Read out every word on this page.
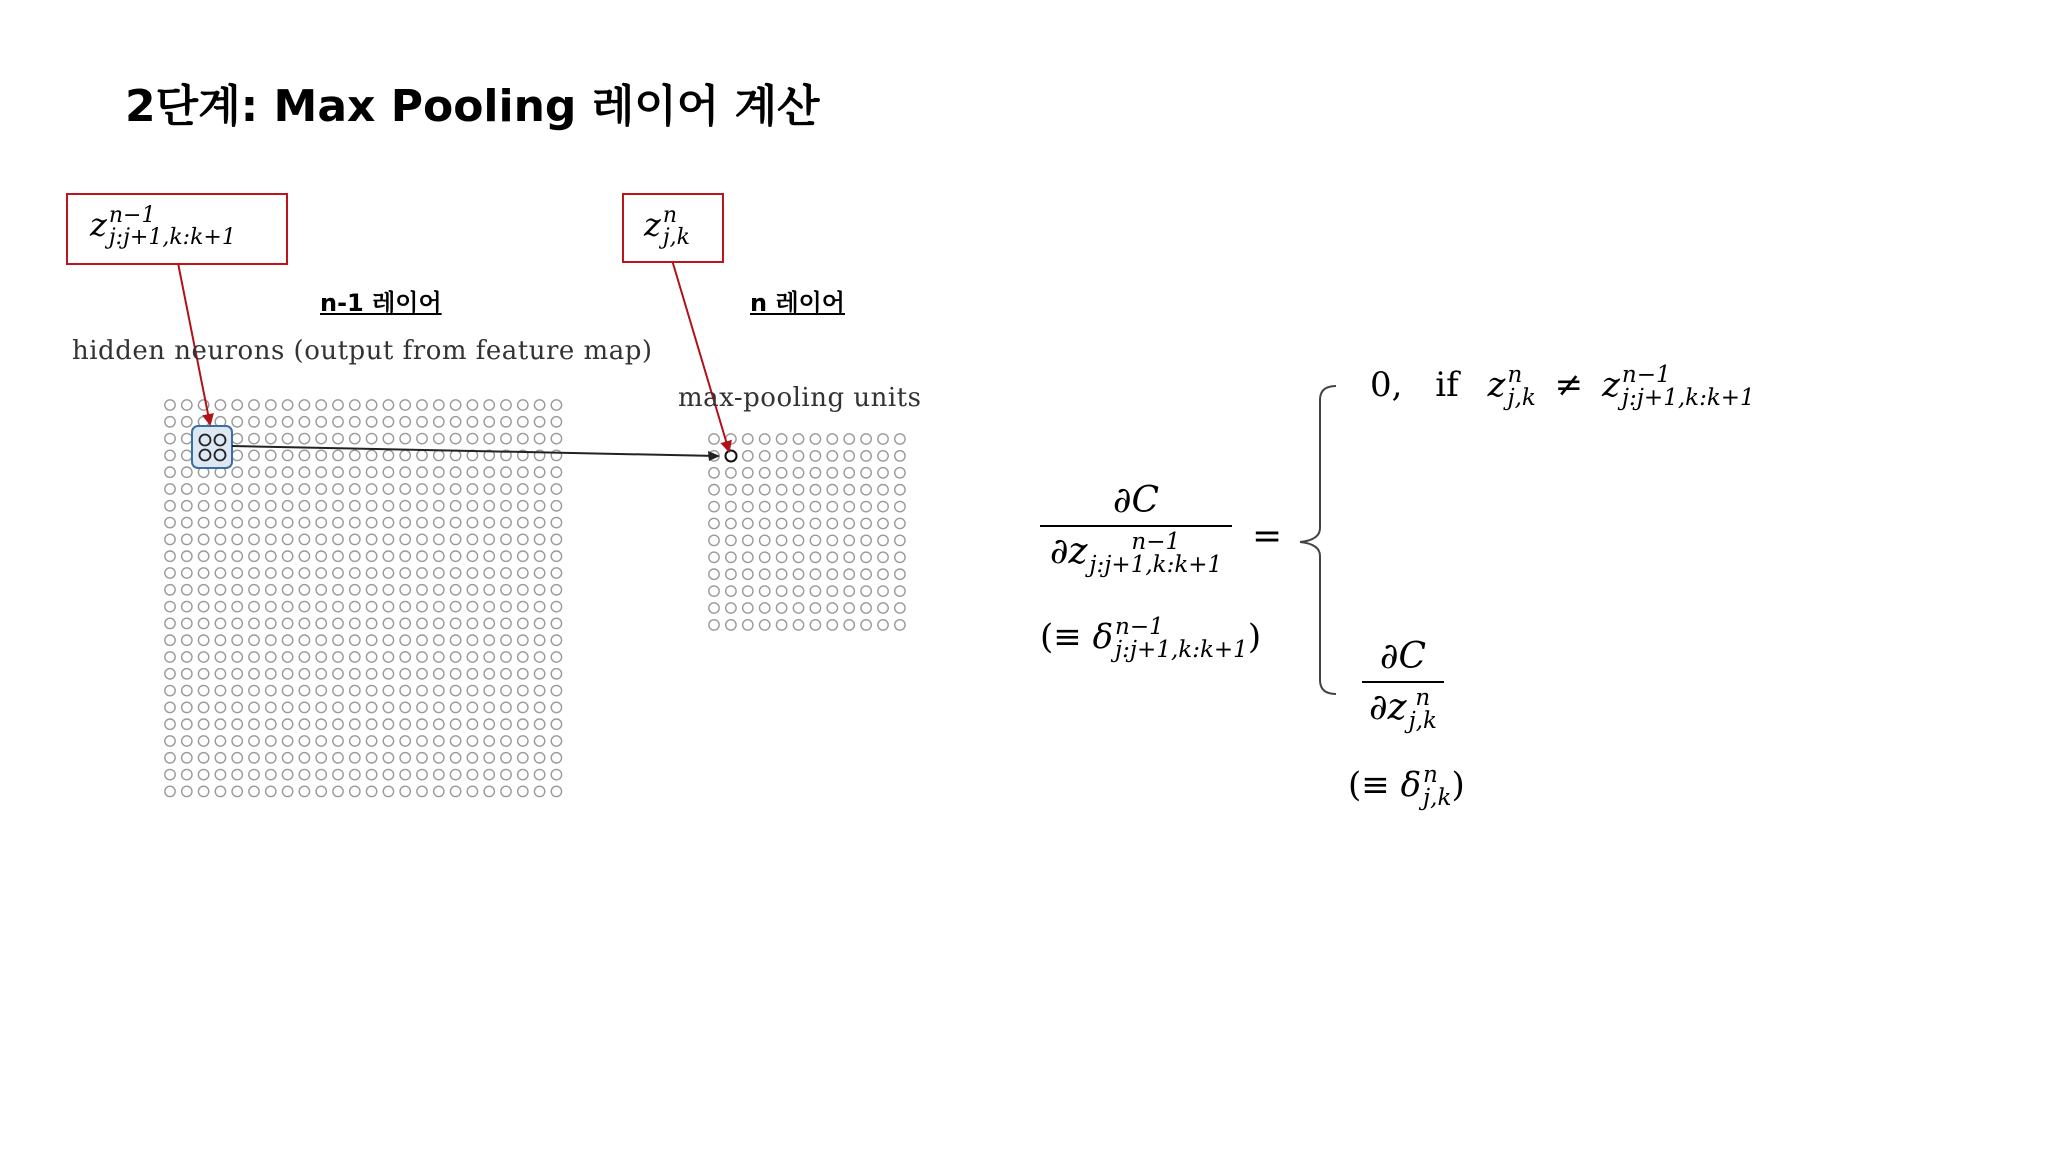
2단계: Max Pooling 레이어 계산
z n−1
j:j+1,k:k+1	z n
j,k
n-1 레이어	n 레이어
hidden neurons (output from feature map)
max-pooling units
∂C
∂z	n−1
j:j+1,k:k+1 =
(≡ δ n−1
j:j+1,k:k+1 )
0, if z n
j,k ≠ z n−1
j:j+1,k:k+1
∂C
∂z n
j,k
(≡ δ n
j,k )
